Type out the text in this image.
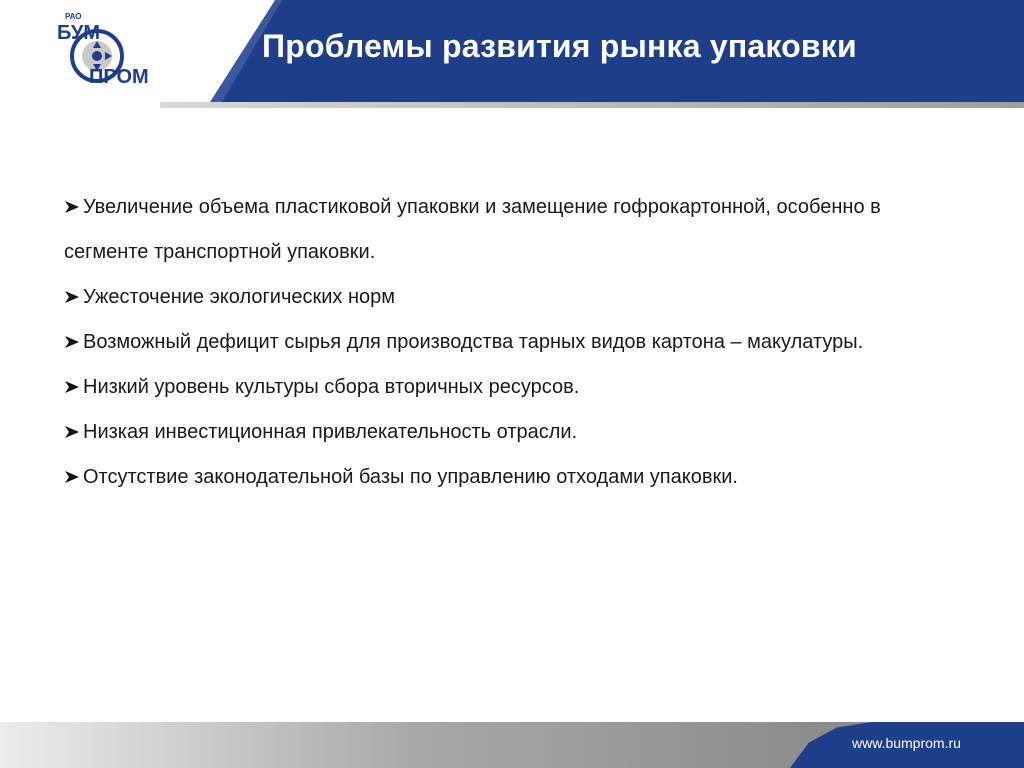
Проблемы развития рынка упаковки
РАО
БУМ
ПРОМ
Увеличение объема пластиковой упаковки и замещение гофрокартонной, особенно в сегменте транспортной упаковки.
Ужесточение экологических норм
Возможный дефицит сырья для производства тарных видов картона – макулатуры.
Низкий уровень культуры сбора вторичных ресурсов.
Низкая инвестиционная привлекательность отрасли.
Отсутствие законодательной базы по управлению отходами упаковки.
www.bumprom.ru
